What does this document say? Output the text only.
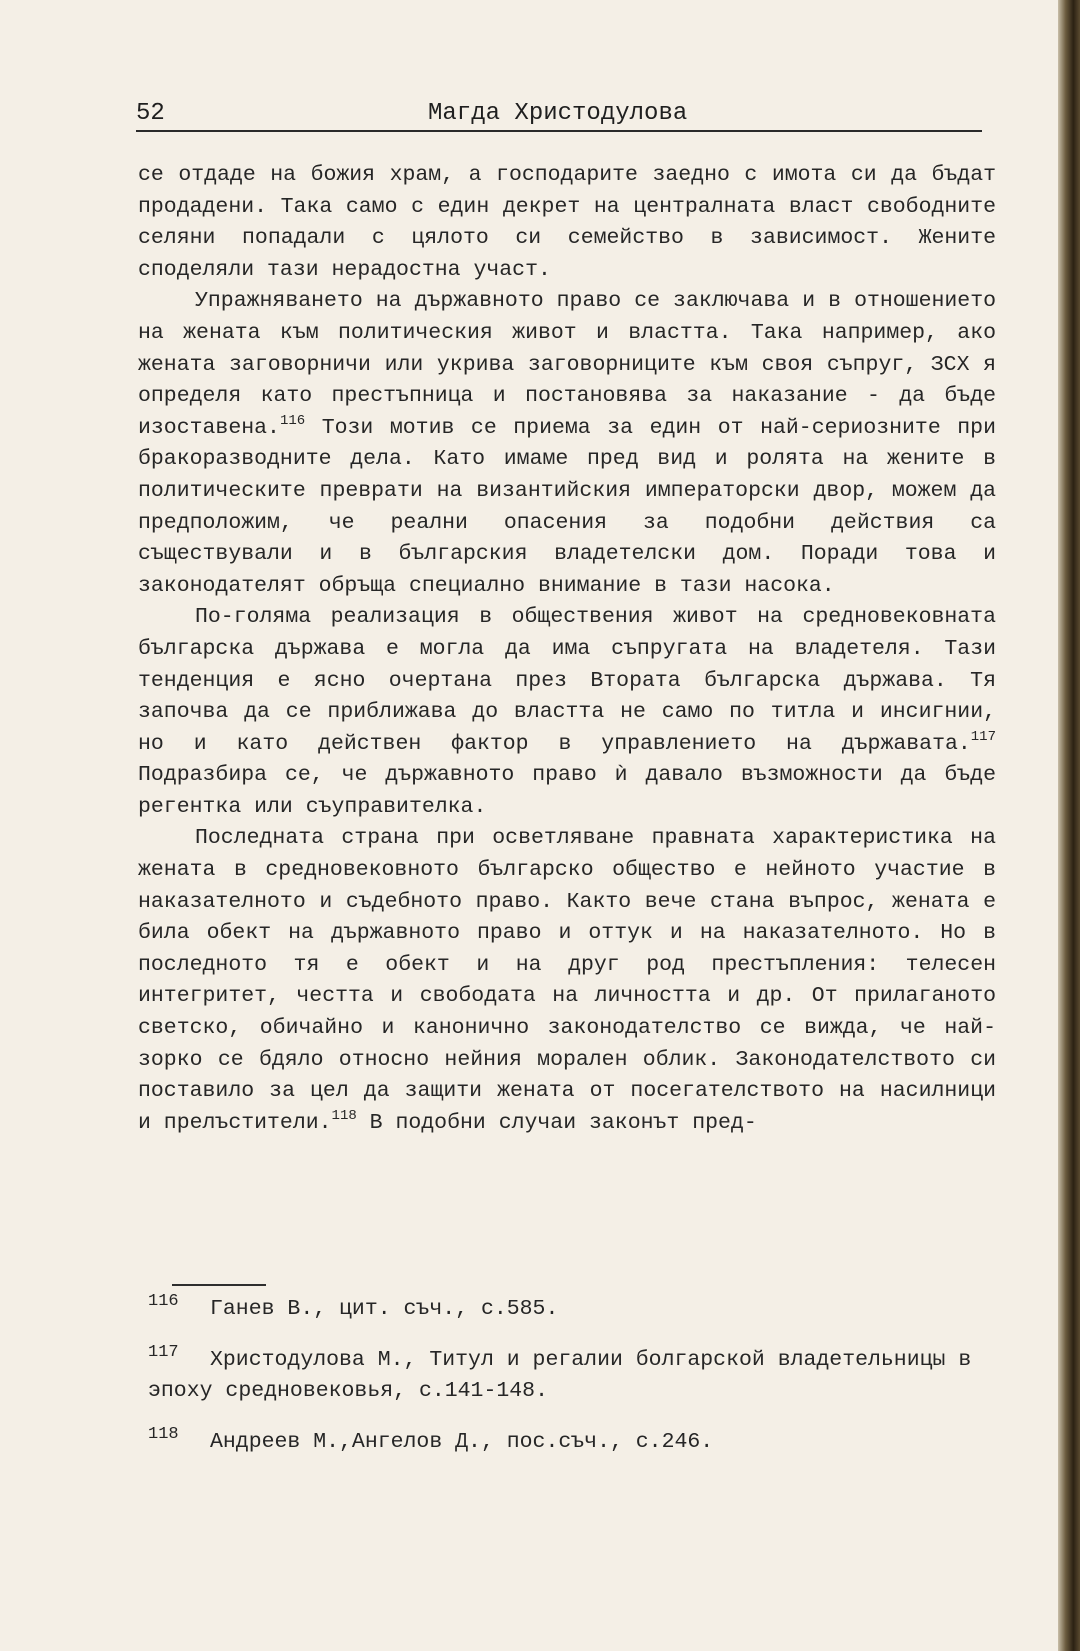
52	Магда Христодулова

се отдаде на божия храм, а господарите заедно с имота си да бъдат продадени. Така само с един декрет на централната власт свободните селяни попадали с цялото си семейство в зависимост. Жените споделяли тази нерадостна участ.

Упражняването на държавното право се заключава и в отношението на жената към политическия живот и властта. Така например, ако жената заговорничи или укрива заговорниците към своя съпруг, ЗСХ я определя като престъпница и постановява за наказание - да бъде изоставена.$^{116}$ Този мотив се приема за един от най-сериозните при бракоразводните дела. Като имаме пред вид и ролята на жените в политическите преврати на византийския императорски двор, можем да предположим, че реални опасения за подобни действия са съществували и в българския владетелски дом. Поради това и законодателят обръща специално внимание в тази насока.

По-голяма реализация в обществения живот на средновековната българска държава е могла да има съпругата на владетеля. Тази тенденция е ясно очертана през Втората българска държава. Тя започва да се приближава до властта не само по титла и инсигнии, но и като действен фактор в управлението на държавата.$^{117}$ Подразбира се, че държавното право ѝ давало възможности да бъде регентка или съуправителка.

Последната страна при осветляване правната характеристика на жената в средновековното българско общество е нейното участие в наказателното и съдебното право. Както вече стана въпрос, жената е била обект на държавното право и оттук и на наказателното. Но в последното тя е обект и на друг род престъпления: телесен интегритет, честта и свободата на личността и др. От прилаганото светско, обичайно и канонично законодателство се вижда, че най-зорко се бдяло относно нейния морален облик. Законодателството си поставило за цел да защити жената от посегателството на насилници и прелъстители.$^{118}$ В подобни случаи законът пред-

116 Ганев В., цит. съч., с.585.

117 Христодулова М., Титул и регалии болгарской владетельницы в эпоху средновековья, с.141-148.

118 Андреев М.,Ангелов Д., пос.съч., с.246.
